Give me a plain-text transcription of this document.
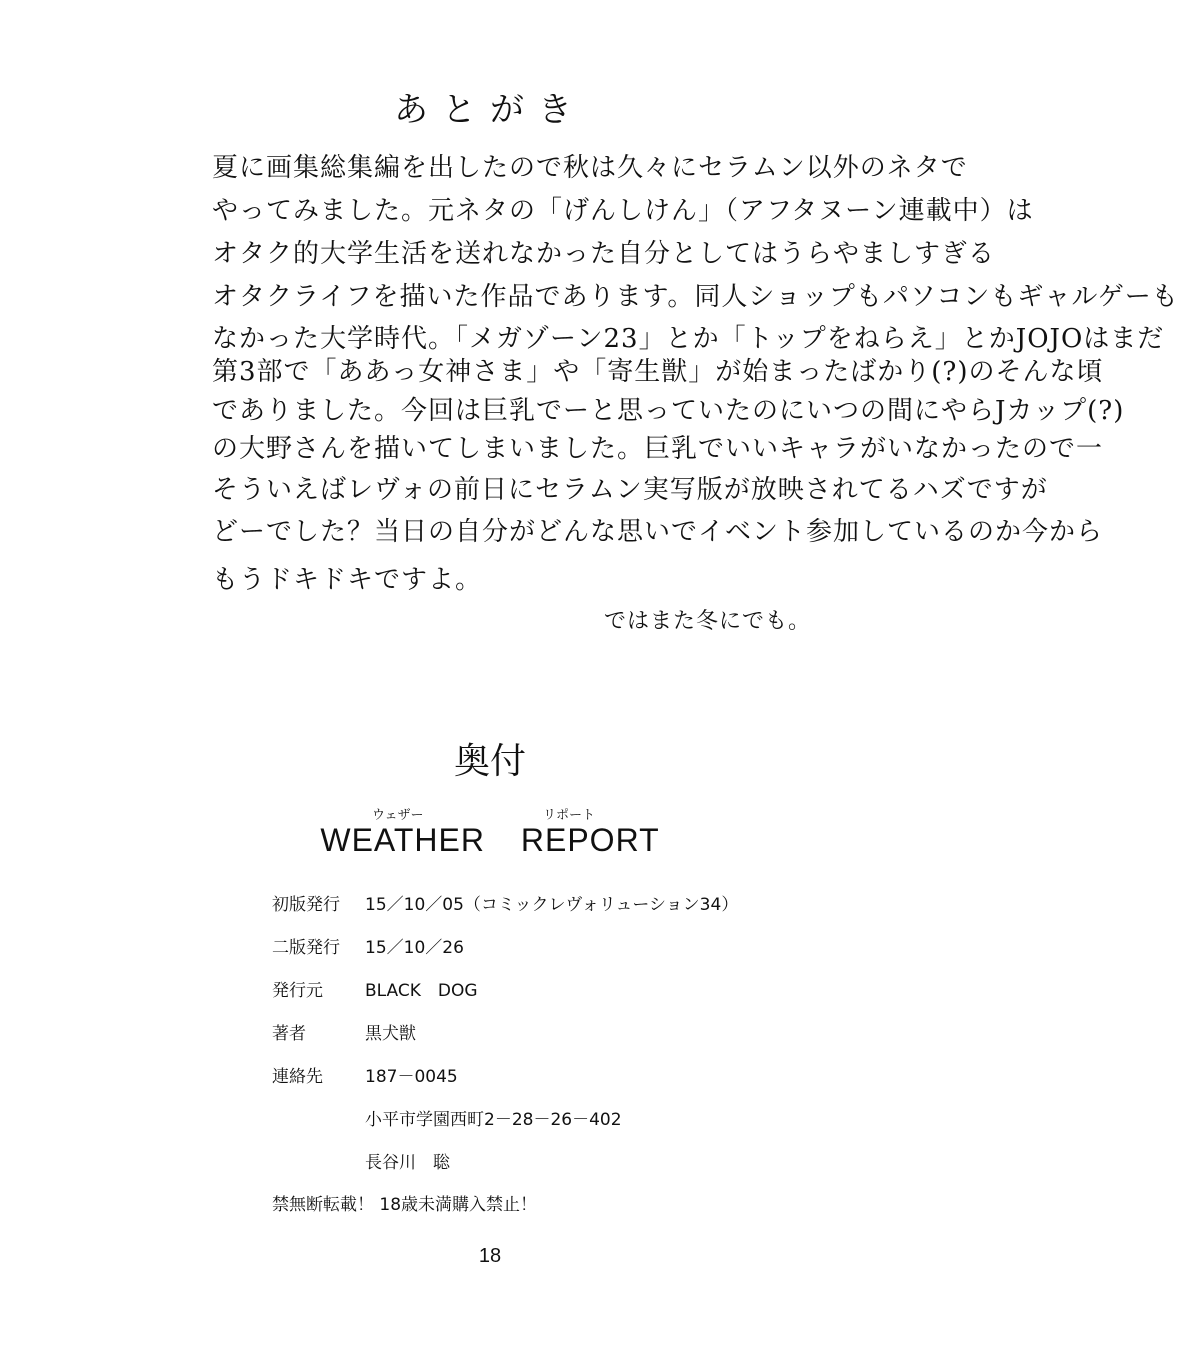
あとがき
夏に画集総集編を出したので秋は久々にセラムン以外のネタで
やってみました。元ネタの「げんしけん」（アフタヌーン連載中）は
オタク的大学生活を送れなかった自分としてはうらやましすぎる
オタクライフを描いた作品であります。同人ショップもパソコンもギャルゲーも
なかった大学時代。「メガゾーン23」とか「トップをねらえ」とかJOJOはまだ
第3部で「ああっ女神さま」や「寄生獣」が始まったばかり(?)のそんな頃
でありました。今回は巨乳でーと思っていたのにいつの間にやらJカップ(?)
の大野さんを描いてしまいました。巨乳でいいキャラがいなかったので一
そういえばレヴォの前日にセラムン実写版が放映されてるハズですが
どーでした？当日の自分がどんな思いでイベント参加しているのか今から
もうドキドキですよ。
ではまた冬にでも。
奥付
ウェザー	リポート
WEATHER REPORT
初版発行 15／10／05（コミックレヴォリューション34）
二版発行 15／10／26
発行元 BLACK　DOG
著者	黒犬獣
連絡先 187－0045
小平市学園西町2－28－26－402
長谷川　聡
禁無断転載！ 18歳未満購入禁止！
18
